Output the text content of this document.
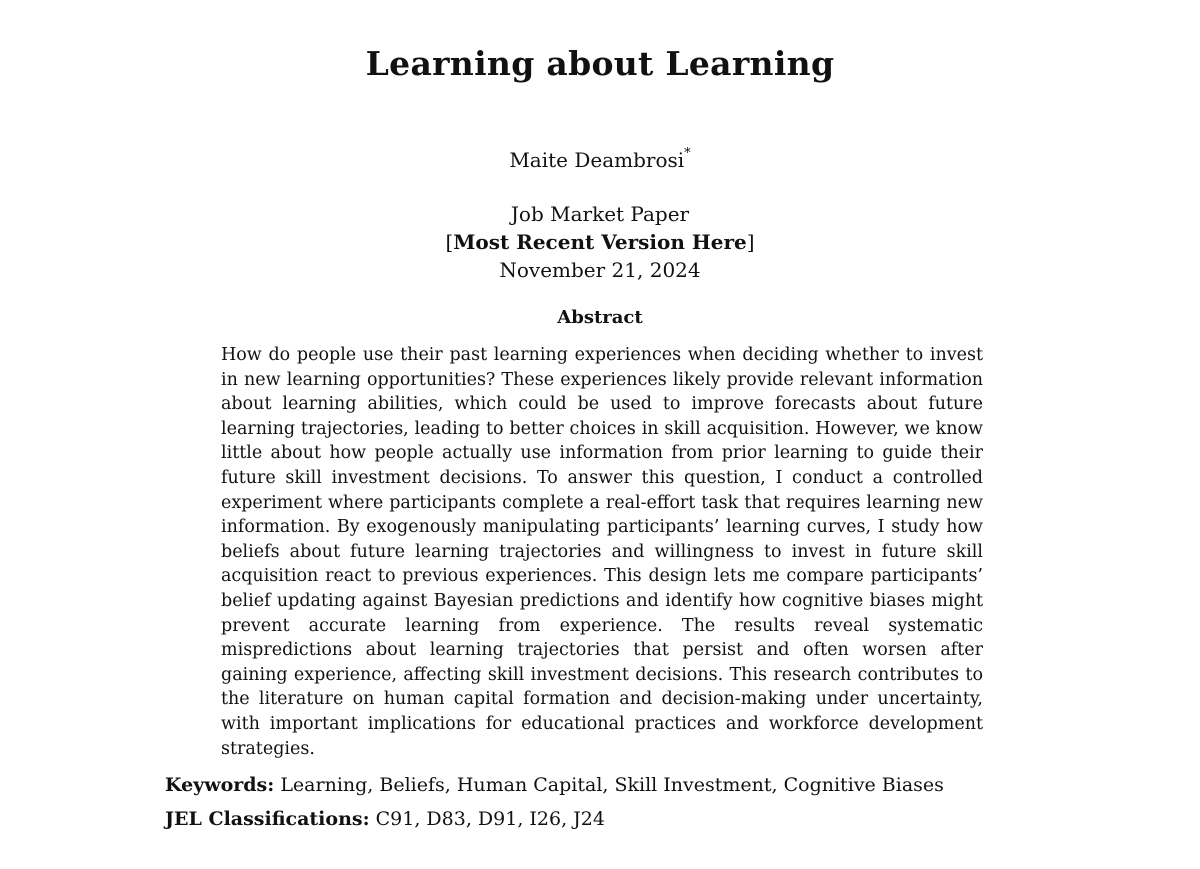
Learning about Learning
Maite Deambrosi*
Job Market Paper
[Most Recent Version Here]
November 21, 2024
Abstract
How do people use their past learning experiences when deciding whether to invest in new learning opportunities? These experiences likely provide relevant information about learning abilities, which could be used to improve forecasts about future learning trajectories, leading to better choices in skill acquisition. However, we know little about how people actually use information from prior learning to guide their future skill investment decisions. To answer this question, I conduct a controlled experiment where participants complete a real-effort task that requires learning new information. By exogenously manipulating participants’ learning curves, I study how beliefs about future learning trajectories and willingness to invest in future skill acquisition react to previous experiences. This design lets me compare participants’ belief updating against Bayesian predictions and identify how cognitive biases might prevent accurate learning from experience. The results reveal systematic mispredictions about learning trajectories that persist and often worsen after gaining experience, affecting skill investment decisions. This research contributes to the literature on human capital formation and decision-making under uncertainty, with important implications for educational practices and workforce development strategies.
Keywords: Learning, Beliefs, Human Capital, Skill Investment, Cognitive Biases
JEL Classifications: C91, D83, D91, I26, J24
